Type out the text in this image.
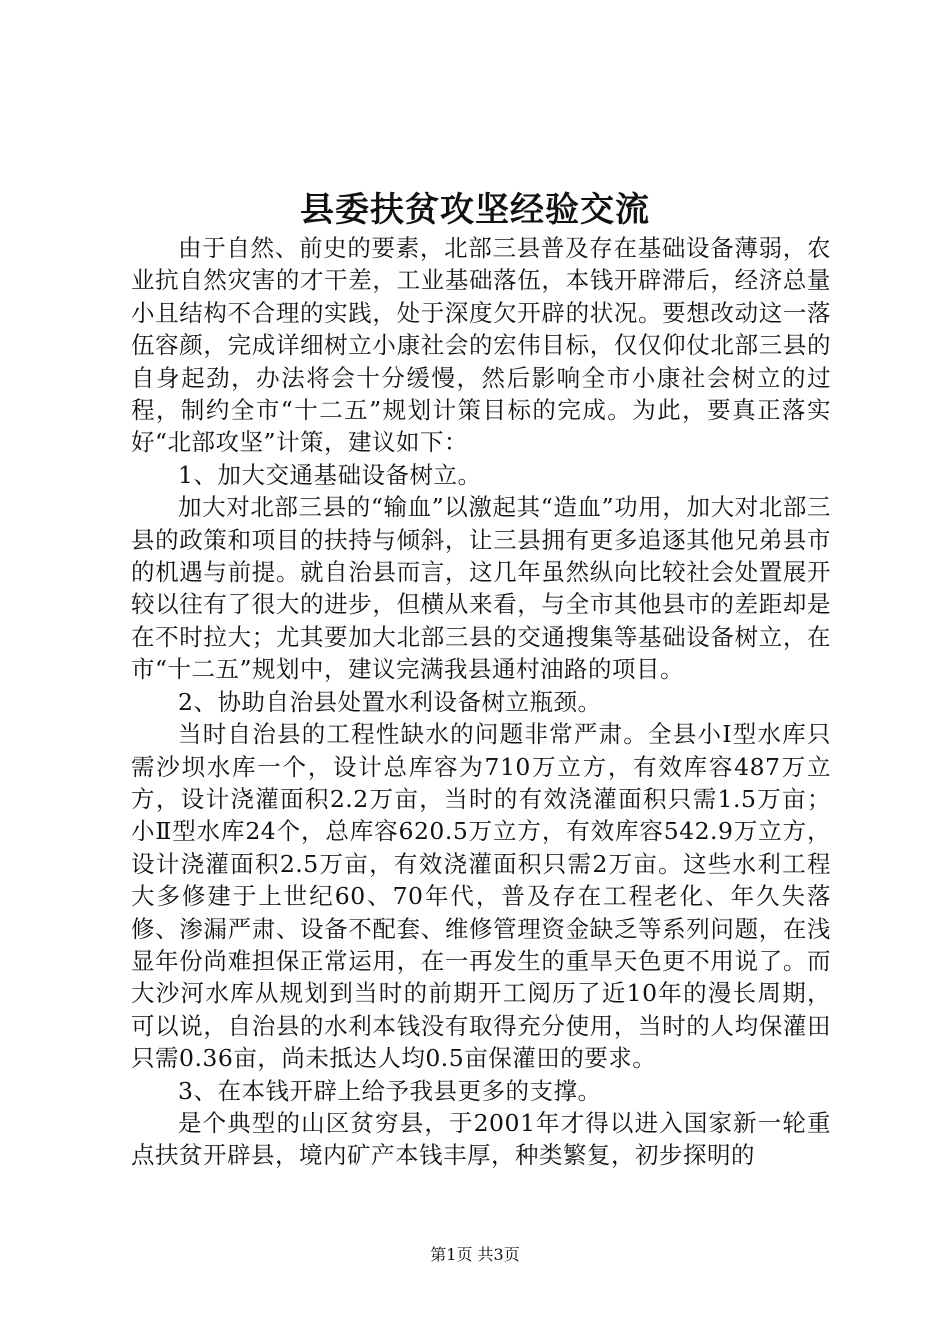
县委扶贫攻坚经验交流

由于自然、前史的要素，北部三县普及存在基础设备薄弱，农业抗自然灾害的才干差，工业基础落伍，本钱开辟滞后，经济总量小且结构不合理的实践，处于深度欠开辟的状况。要想改动这一落伍容颜，完成详细树立小康社会的宏伟目标，仅仅仰仗北部三县的自身起劲，办法将会十分缓慢，然后影响全市小康社会树立的过程，制约全市“十二五”规划计策目标的完成。为此，要真正落实好“北部攻坚”计策，建议如下：

1、加大交通基础设备树立。

加大对北部三县的“输血”以激起其“造血”功用，加大对北部三县的政策和项目的扶持与倾斜，让三县拥有更多追逐其他兄弟县市的机遇与前提。就自治县而言，这几年虽然纵向比较社会处置展开较以往有了很大的进步，但横从来看，与全市其他县市的差距却是在不时拉大；尤其要加大北部三县的交通搜集等基础设备树立，在市“十二五”规划中，建议完满我县通村油路的项目。

2、协助自治县处置水利设备树立瓶颈。

当时自治县的工程性缺水的问题非常严肃。全县小Ⅰ型水库只需沙坝水库一个，设计总库容为710万立方，有效库容487万立方，设计浇灌面积2.2万亩，当时的有效浇灌面积只需1.5万亩；小Ⅱ型水库24个，总库容620.5万立方，有效库容542.9万立方，设计浇灌面积2.5万亩，有效浇灌面积只需2万亩。这些水利工程大多修建于上世纪60、70年代，普及存在工程老化、年久失落修、渗漏严肃、设备不配套、维修管理资金缺乏等系列问题，在浅显年份尚难担保正常运用，在一再发生的重旱天色更不用说了。而大沙河水库从规划到当时的前期开工阅历了近10年的漫长周期，可以说，自治县的水利本钱没有取得充分使用，当时的人均保灌田只需0.36亩，尚未抵达人均0.5亩保灌田的要求。

3、在本钱开辟上给予我县更多的支撑。

是个典型的山区贫穷县，于2001年才得以进入国家新一轮重点扶贫开辟县，境内矿产本钱丰厚，种类繁复，初步探明的

第1页 共3页
